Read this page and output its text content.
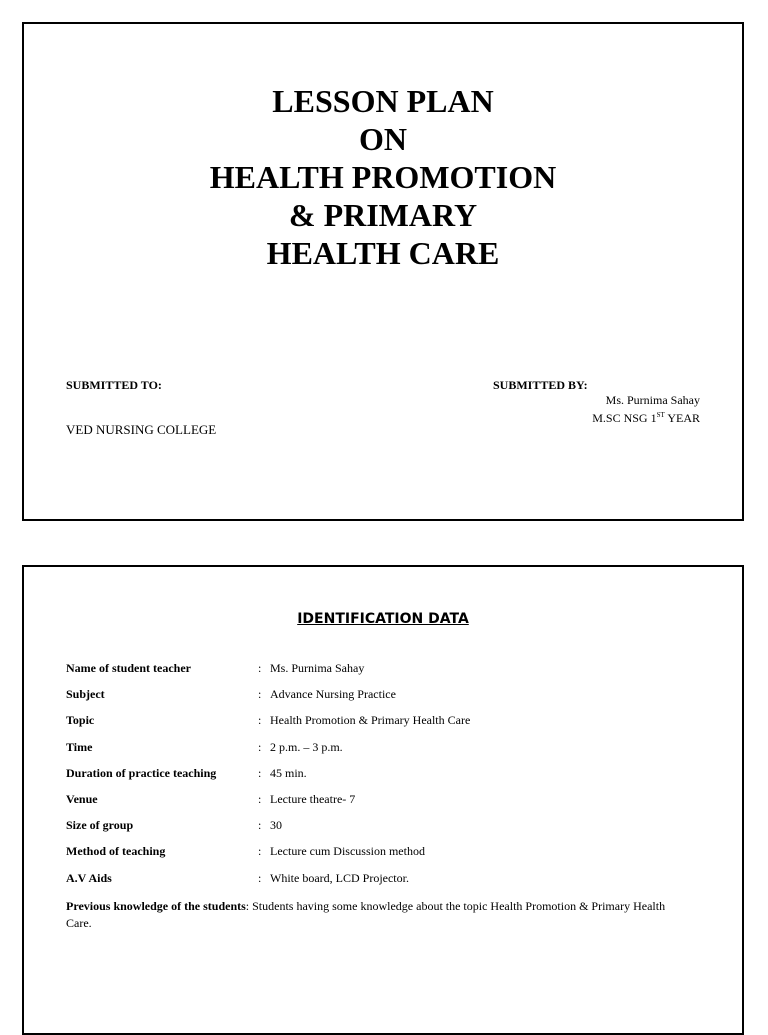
LESSON PLAN
ON
HEALTH PROMOTION
& PRIMARY
HEALTH CARE
SUBMITTED TO:
VED NURSING COLLEGE
SUBMITTED BY:
Ms. Purnima Sahay
M.SC NSG 1ST YEAR
IDENTIFICATION DATA
Name of student teacher	: Ms. Purnima Sahay
Subject	: Advance Nursing Practice
Topic	: Health Promotion & Primary Health Care
Time	: 2 p.m. – 3 p.m.
Duration of practice teaching	: 45 min.
Venue	: Lecture theatre- 7
Size of group	: 30
Method of teaching	: Lecture cum Discussion method
A.V Aids	: White board, LCD Projector.
Previous knowledge of the students: Students having some knowledge about the topic Health Promotion & Primary Health Care.
